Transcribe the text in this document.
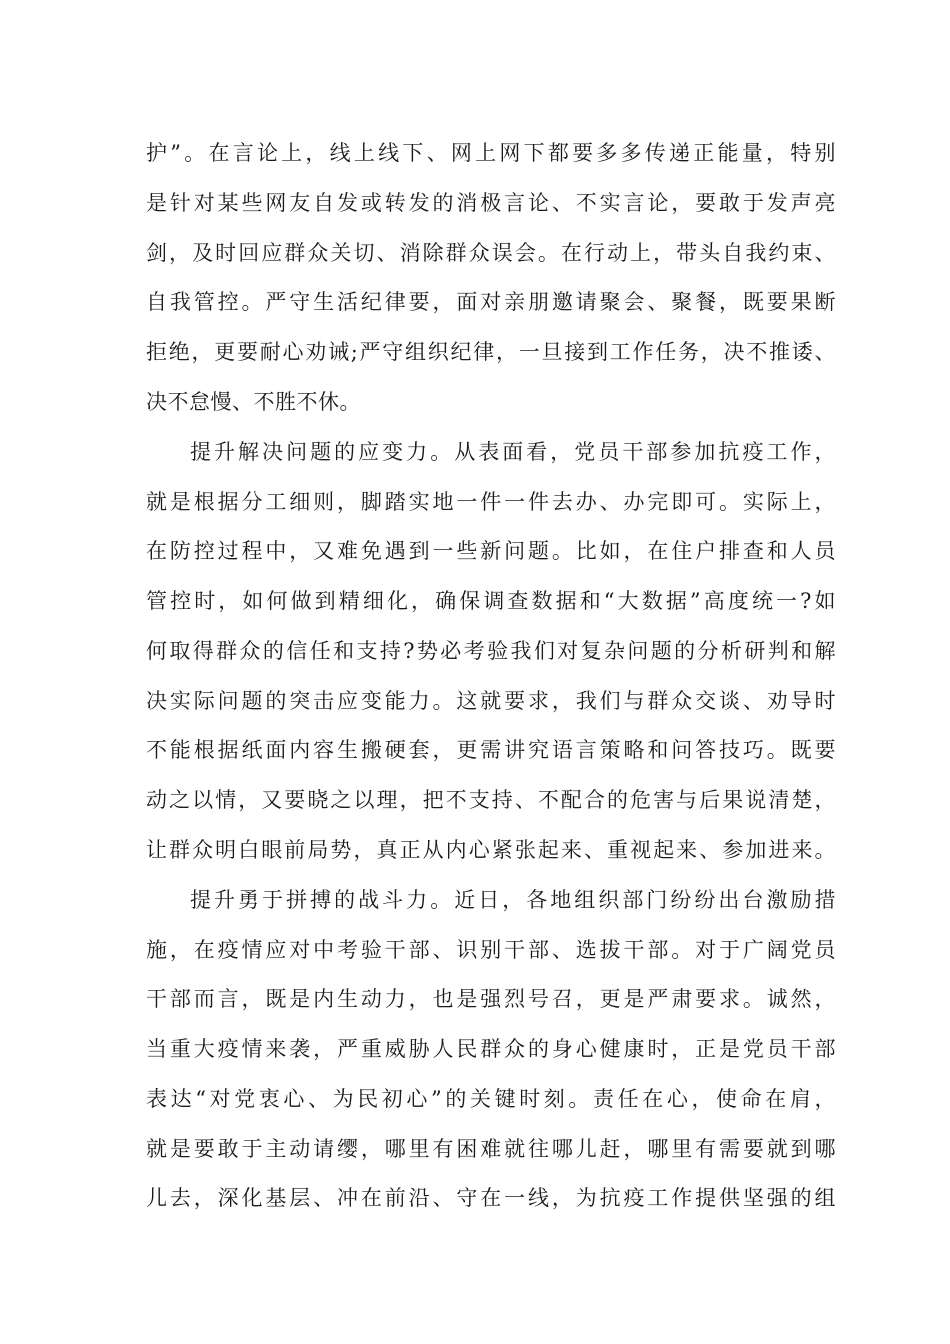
护”。在言论上，线上线下、网上网下都要多多传递正能量，特别
是针对某些网友自发或转发的消极言论、不实言论，要敢于发声亮
剑，及时回应群众关切、消除群众误会。在行动上，带头自我约束、
自我管控。严守生活纪律要，面对亲朋邀请聚会、聚餐，既要果断
拒绝，更要耐心劝诫;严守组织纪律，一旦接到工作任务，决不推诿、
决不怠慢、不胜不休。
提升解决问题的应变力。从表面看，党员干部参加抗疫工作，
就是根据分工细则，脚踏实地一件一件去办、办完即可。实际上，
在防控过程中，又难免遇到一些新问题。比如，在住户排查和人员
管控时，如何做到精细化，确保调查数据和“大数据”高度统一?如
何取得群众的信任和支持?势必考验我们对复杂问题的分析研判和解
决实际问题的突击应变能力。这就要求，我们与群众交谈、劝导时
不能根据纸面内容生搬硬套，更需讲究语言策略和问答技巧。既要
动之以情，又要晓之以理，把不支持、不配合的危害与后果说清楚，
让群众明白眼前局势，真正从内心紧张起来、重视起来、参加进来。
提升勇于拼搏的战斗力。近日，各地组织部门纷纷出台激励措
施，在疫情应对中考验干部、识别干部、选拔干部。对于广阔党员
干部而言，既是内生动力，也是强烈号召，更是严肃要求。诚然，
当重大疫情来袭，严重威胁人民群众的身心健康时，正是党员干部
表达“对党衷心、为民初心”的关键时刻。责任在心，使命在肩，
就是要敢于主动请缨，哪里有困难就往哪儿赶，哪里有需要就到哪
儿去，深化基层、冲在前沿、守在一线，为抗疫工作提供坚强的组
